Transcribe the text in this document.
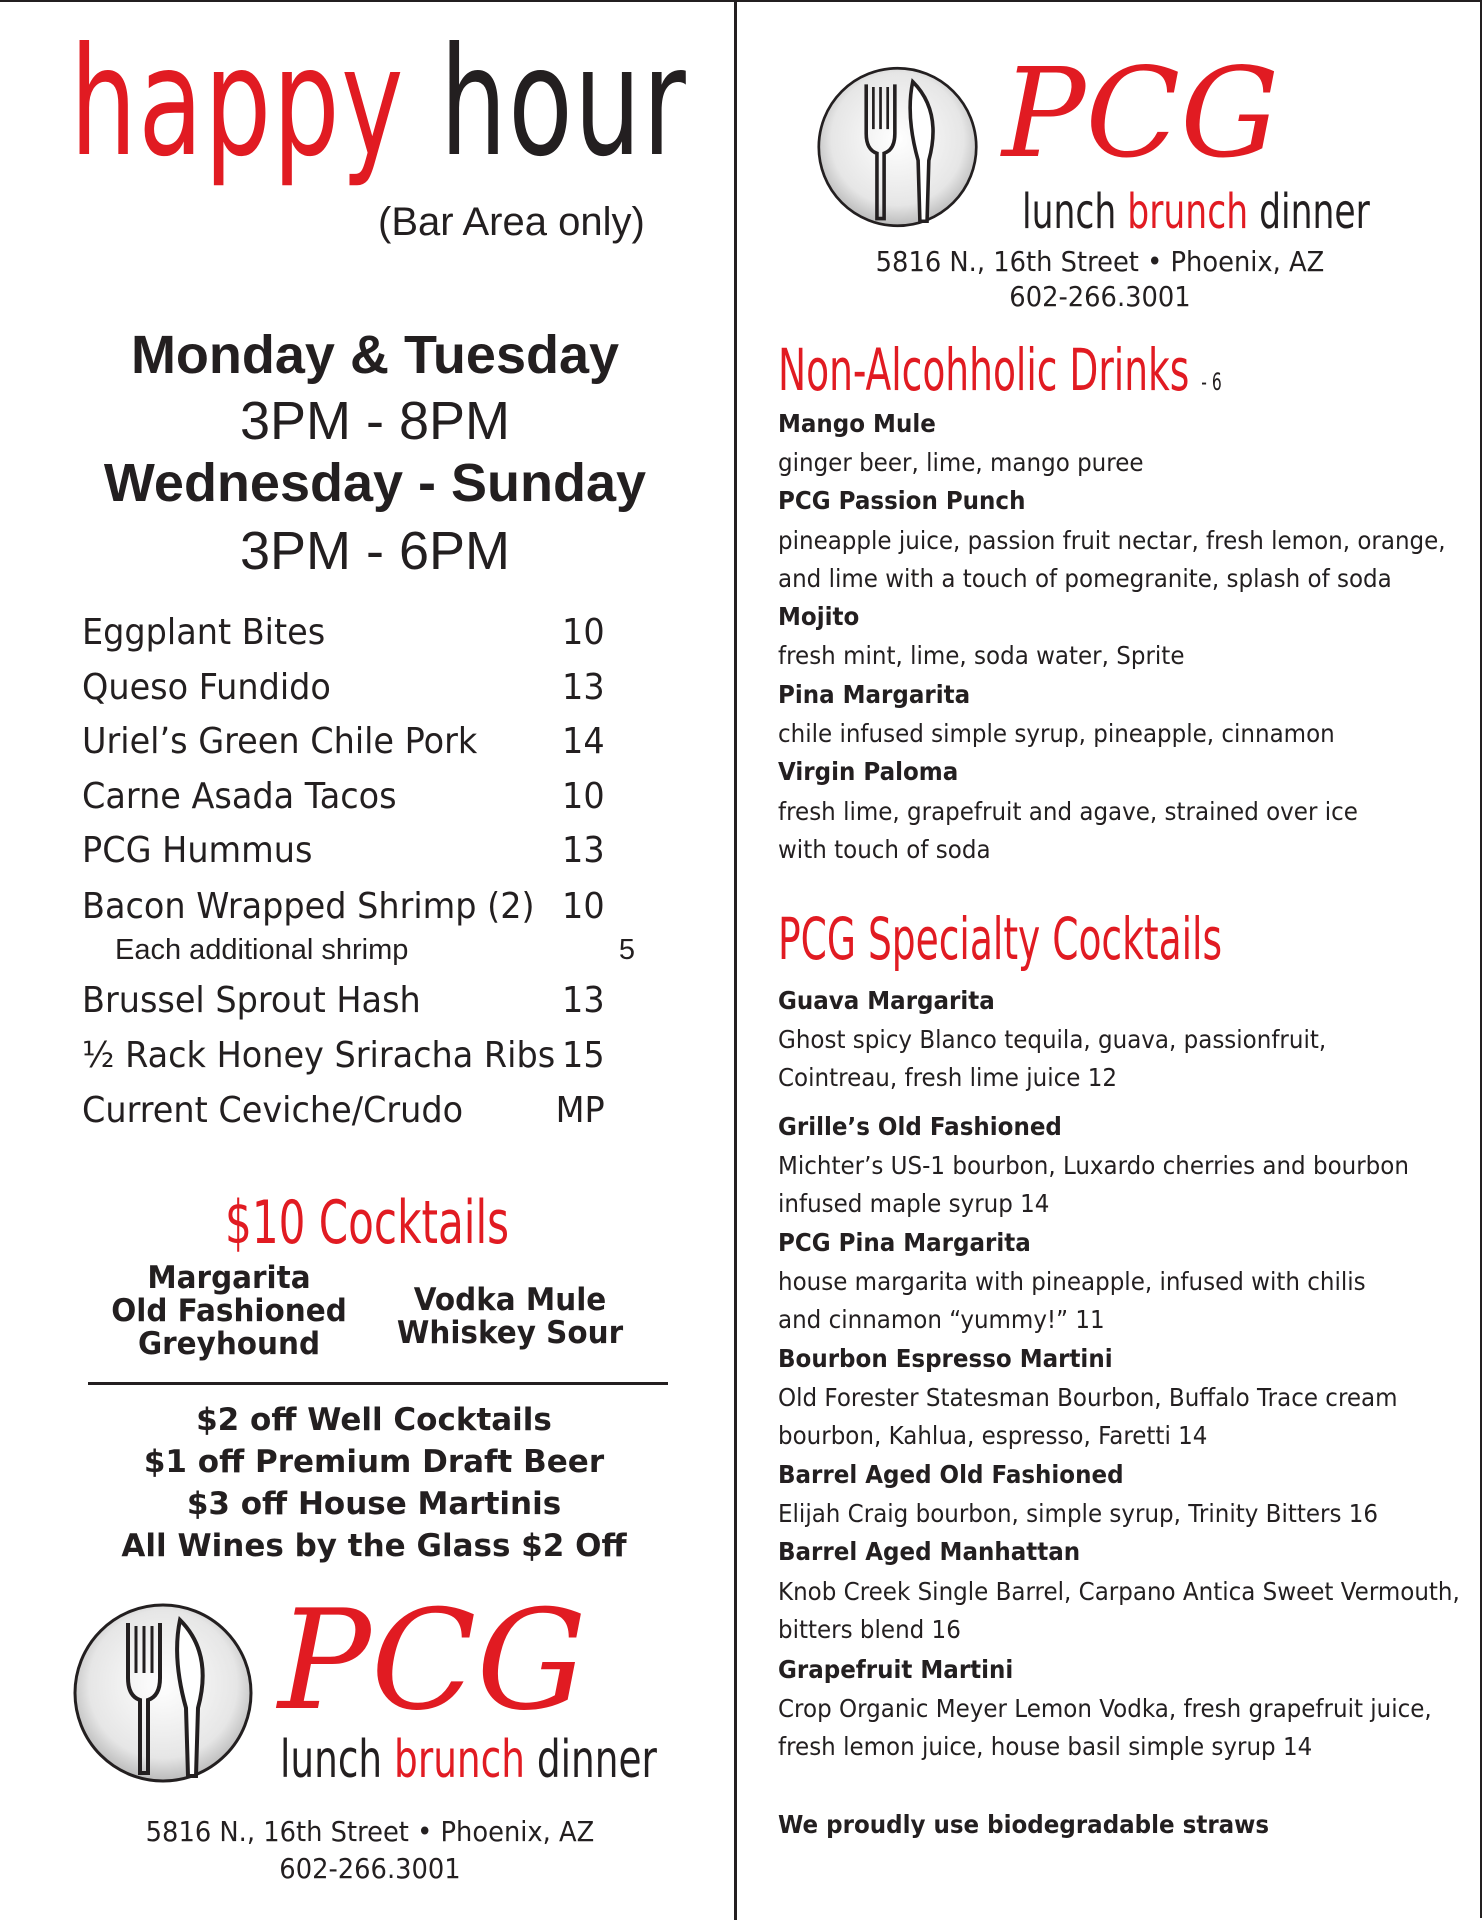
happy hour
(Bar Area only)
Monday & Tuesday
3PM - 8PM
Wednesday - Sunday
3PM - 6PM
Eggplant Bites	10
Queso Fundido	13
Uriel’s Green Chile Pork 14
Carne Asada Tacos	10
PCG Hummus	13
Bacon Wrapped Shrimp (2) 10
Each additional shrimp	5
Brussel Sprout Hash	13
½ Rack Honey Sriracha Ribs 15
Current Ceviche/Crudo	MP
$10 Cocktails
Margarita
Old Fashioned
Greyhound
Vodka Mule
Whiskey Sour
$2 off Well Cocktails
$1 off Premium Draft Beer
$3 off House Martinis
All Wines by the Glass $2 Off
PCG
lunch brunch dinner
5816 N., 16th Street • Phoenix, AZ
602-266.3001
PCG
lunch brunch dinner
5816 N., 16th Street • Phoenix, AZ
602-266.3001
Non-Alcohholic Drinks - 6
Mango Mule
ginger beer, lime, mango puree
PCG Passion Punch
pineapple juice, passion fruit nectar, fresh lemon, orange,
and lime with a touch of pomegranite, splash of soda
Mojito
fresh mint, lime, soda water, Sprite
Pina Margarita
chile infused simple syrup, pineapple, cinnamon
Virgin Paloma
fresh lime, grapefruit and agave, strained over ice
with touch of soda
PCG Specialty Cocktails
Guava Margarita
Ghost spicy Blanco tequila, guava, passionfruit,
Cointreau, fresh lime juice 12
Grille’s Old Fashioned
Michter’s US-1 bourbon, Luxardo cherries and bourbon
infused maple syrup 14
PCG Pina Margarita
house margarita with pineapple, infused with chilis
and cinnamon “yummy!” 11
Bourbon Espresso Martini
Old Forester Statesman Bourbon, Buffalo Trace cream
bourbon, Kahlua, espresso, Faretti 14
Barrel Aged Old Fashioned
Elijah Craig bourbon, simple syrup, Trinity Bitters 16
Barrel Aged Manhattan
Knob Creek Single Barrel, Carpano Antica Sweet Vermouth,
bitters blend 16
Grapefruit Martini
Crop Organic Meyer Lemon Vodka, fresh grapefruit juice,
fresh lemon juice, house basil simple syrup 14
We proudly use biodegradable straws
